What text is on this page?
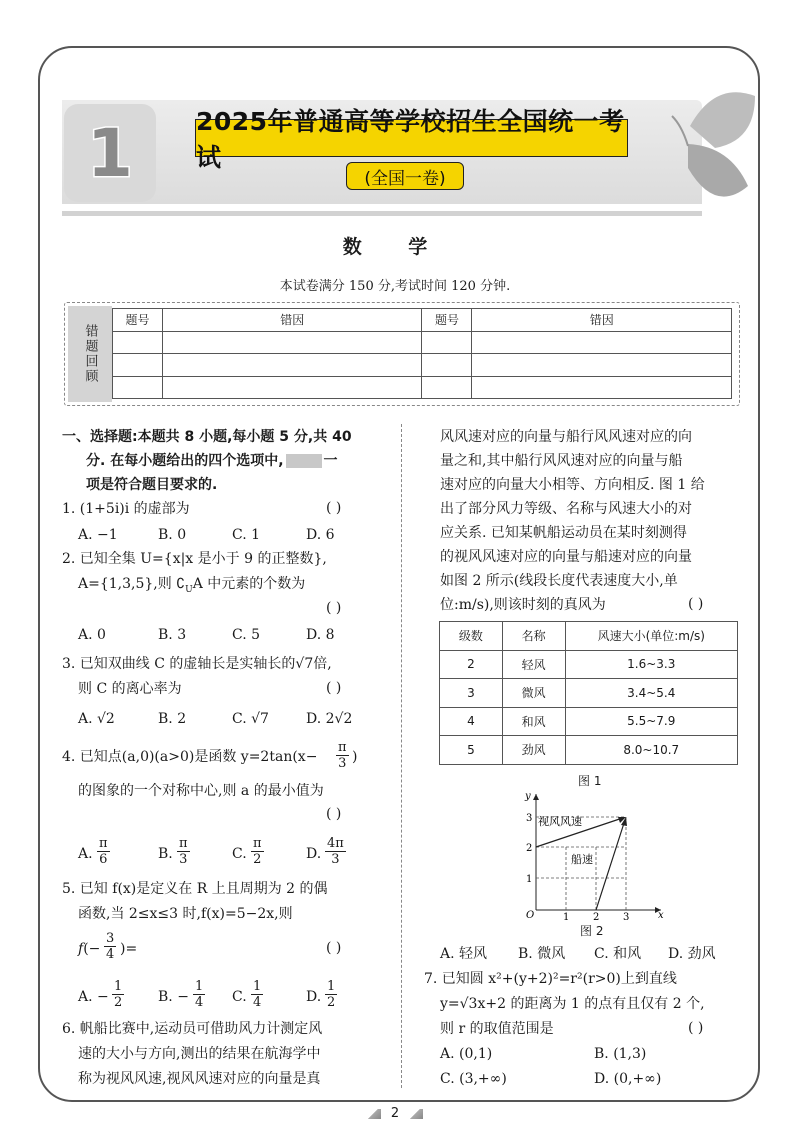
1	2025年普通高等学校招生全国统一考试
(全国一卷)
数 学
本试卷满分 150 分,考试时间 120 分钟.
错题回顾
题号	错因	题号	错因

一、选择题:本题共 8 小题,每小题 5 分,共 40
分. 在每小题给出的四个选项中,	一
项是符合题目要求的.
1. (1+5i)i 的虚部为	( )
A. −1	B. 0	C. 1	D. 6
2. 已知全集 U={x|x 是小于 9 的正整数},
A={1,3,5},则 $∁_UA$ 中元素的个数为
( )
A. 0	B. 3	C. 5	D. 8
3. 已知双曲线 C 的虚轴长是实轴长的√7倍,
则 C 的离心率为	( )
A. √2	B. 2	C. √7	D. 2√2
4. 已知点(a,0)(a>0)是函数 $y=2\tan(x- \frac{\pi}{3}$ )
的图象的一个对称中心,则 a 的最小值为
( )
A. $\frac{\pi}{6}$	B. $\frac{\pi}{3}$	C. $\frac{\pi}{2}$	D. $\frac{4\pi}{3}$
5. 已知 f(x)是定义在 R 上且周期为 2 的偶
函数,当 2≤x≤3 时,f(x)=5−2x,则
$f(- \frac{3}{4}$ )=	( )
A. − $\frac{1}{2} B$. − $\frac{1}{4} C$. $\frac{1}{4}$	D. $\frac{1}{2}$
6. 帆船比赛中,运动员可借助风力计测定风
速的大小与方向,测出的结果在航海学中
称为视风风速,视风风速对应的向量是真
风风速对应的向量与船行风风速对应的向
量之和,其中船行风风速对应的向量与船
速对应的向量大小相等、方向相反. 图 1 给
出了部分风力等级、名称与风速大小的对
应关系. 已知某帆船运动员在某时刻测得
的视风风速对应的向量与船速对应的向量
如图 2 所示(线段长度代表速度大小,单
位:m/s),则该时刻的真风为	( )
级数	名称	风速大小(单位:m/s)
2	轻风	1.6~3.3
3	微风	3.4~5.4
4	和风	5.5~7.9
5	劲风	8.0~10.7
图 1
视风风速
船速
y
x
O	1 2 3
1
2
3
图 2
A. 轻风 B. 微风 C. 和风 D. 劲风
7. 已知圆 x²+(y+2)²=r²(r>0)上到直线
y=√3x+2 的距离为 1 的点有且仅有 2 个,
则 r 的取值范围是	( )
A. (0,1)	B. (1,3)
C. (3,+∞)	D. (0,+∞)
2
